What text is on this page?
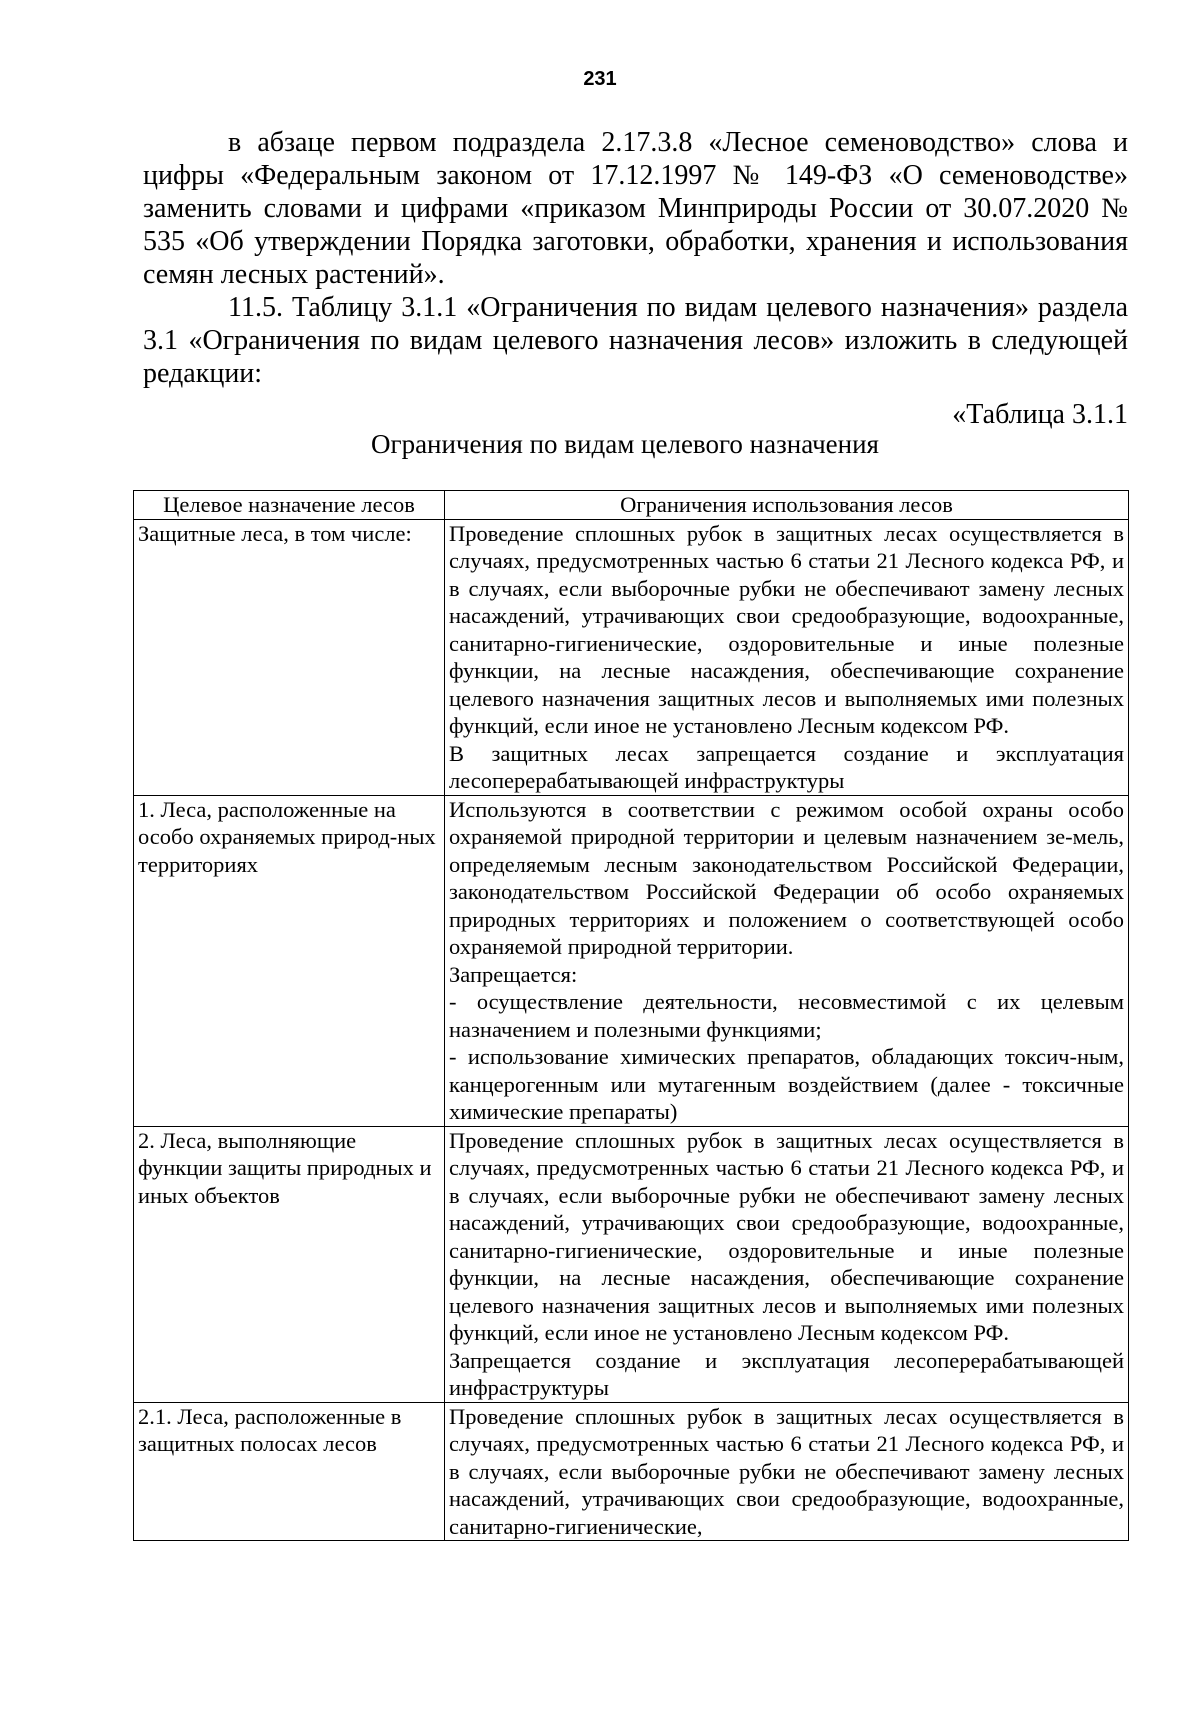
231

в абзаце первом подраздела 2.17.3.8 «Лесное семеноводство» слова и цифры «Федеральным законом от 17.12.1997 № 149-ФЗ «О семеноводстве» заменить словами и цифрами «приказом Минприроды России от 30.07.2020 № 535 «Об утверждении Порядка заготовки, обработки, хранения и использования семян лесных растений».

11.5. Таблицу 3.1.1 «Ограничения по видам целевого назначения» раздела 3.1 «Ограничения по видам целевого назначения лесов» изложить в следующей редакции:

«Таблица 3.1.1

Ограничения по видам целевого назначения
Целевое назначение лесов	Ограничения использования лесов
Защитные леса, в том числе:	Проведение сплошных рубок в защитных лесах осуществляется в случаях, предусмотренных частью 6 статьи 21 Лесного кодекса РФ, и в случаях, если выборочные рубки не обеспечивают замену лесных насаждений, утрачивающих свои средообразующие, водоохранные, санитарно-гигиенические, оздоровительные и иные полезные функции, на лесные насаждения, обеспечивающие сохранение целевого назначения защитных лесов и выполняемых ими полезных функций, если иное не установлено Лесным кодексом РФ.

В защитных лесах запрещается создание и эксплуатация лесоперерабатывающей инфраструктуры

1. Леса, расположенные на особо охраняемых природ-ных территориях	Используются в соответствии с режимом особой охраны особо охраняемой природной территории и целевым назначением зе-мель, определяемым лесным законодательством Российской Федерации, законодательством Российской Федерации об особо охраняемых природных территориях и положением о соответствующей особо охраняемой природной территории.

Запрещается:

- осуществление деятельности, несовместимой с их целевым назначением и полезными функциями;

- использование химических препаратов, обладающих токсич-ным, канцерогенным или мутагенным воздействием (далее - токсичные химические препараты)

2. Леса, выполняющие функции защиты природных и иных объектов	Проведение сплошных рубок в защитных лесах осуществляется в случаях, предусмотренных частью 6 статьи 21 Лесного кодекса РФ, и в случаях, если выборочные рубки не обеспечивают замену лесных насаждений, утрачивающих свои средообразующие, водоохранные, санитарно-гигиенические, оздоровительные и иные полезные функции, на лесные насаждения, обеспечивающие сохранение целевого назначения защитных лесов и выполняемых ими полезных функций, если иное не установлено Лесным кодексом РФ.

Запрещается создание и эксплуатация лесоперерабатывающей инфраструктуры

2.1. Леса, расположенные в защитных полосах лесов	Проведение сплошных рубок в защитных лесах осуществляется в случаях, предусмотренных частью 6 статьи 21 Лесного кодекса РФ, и в случаях, если выборочные рубки не обеспечивают замену лесных насаждений, утрачивающих свои средообразующие, водоохранные, санитарно-гигиенические,
